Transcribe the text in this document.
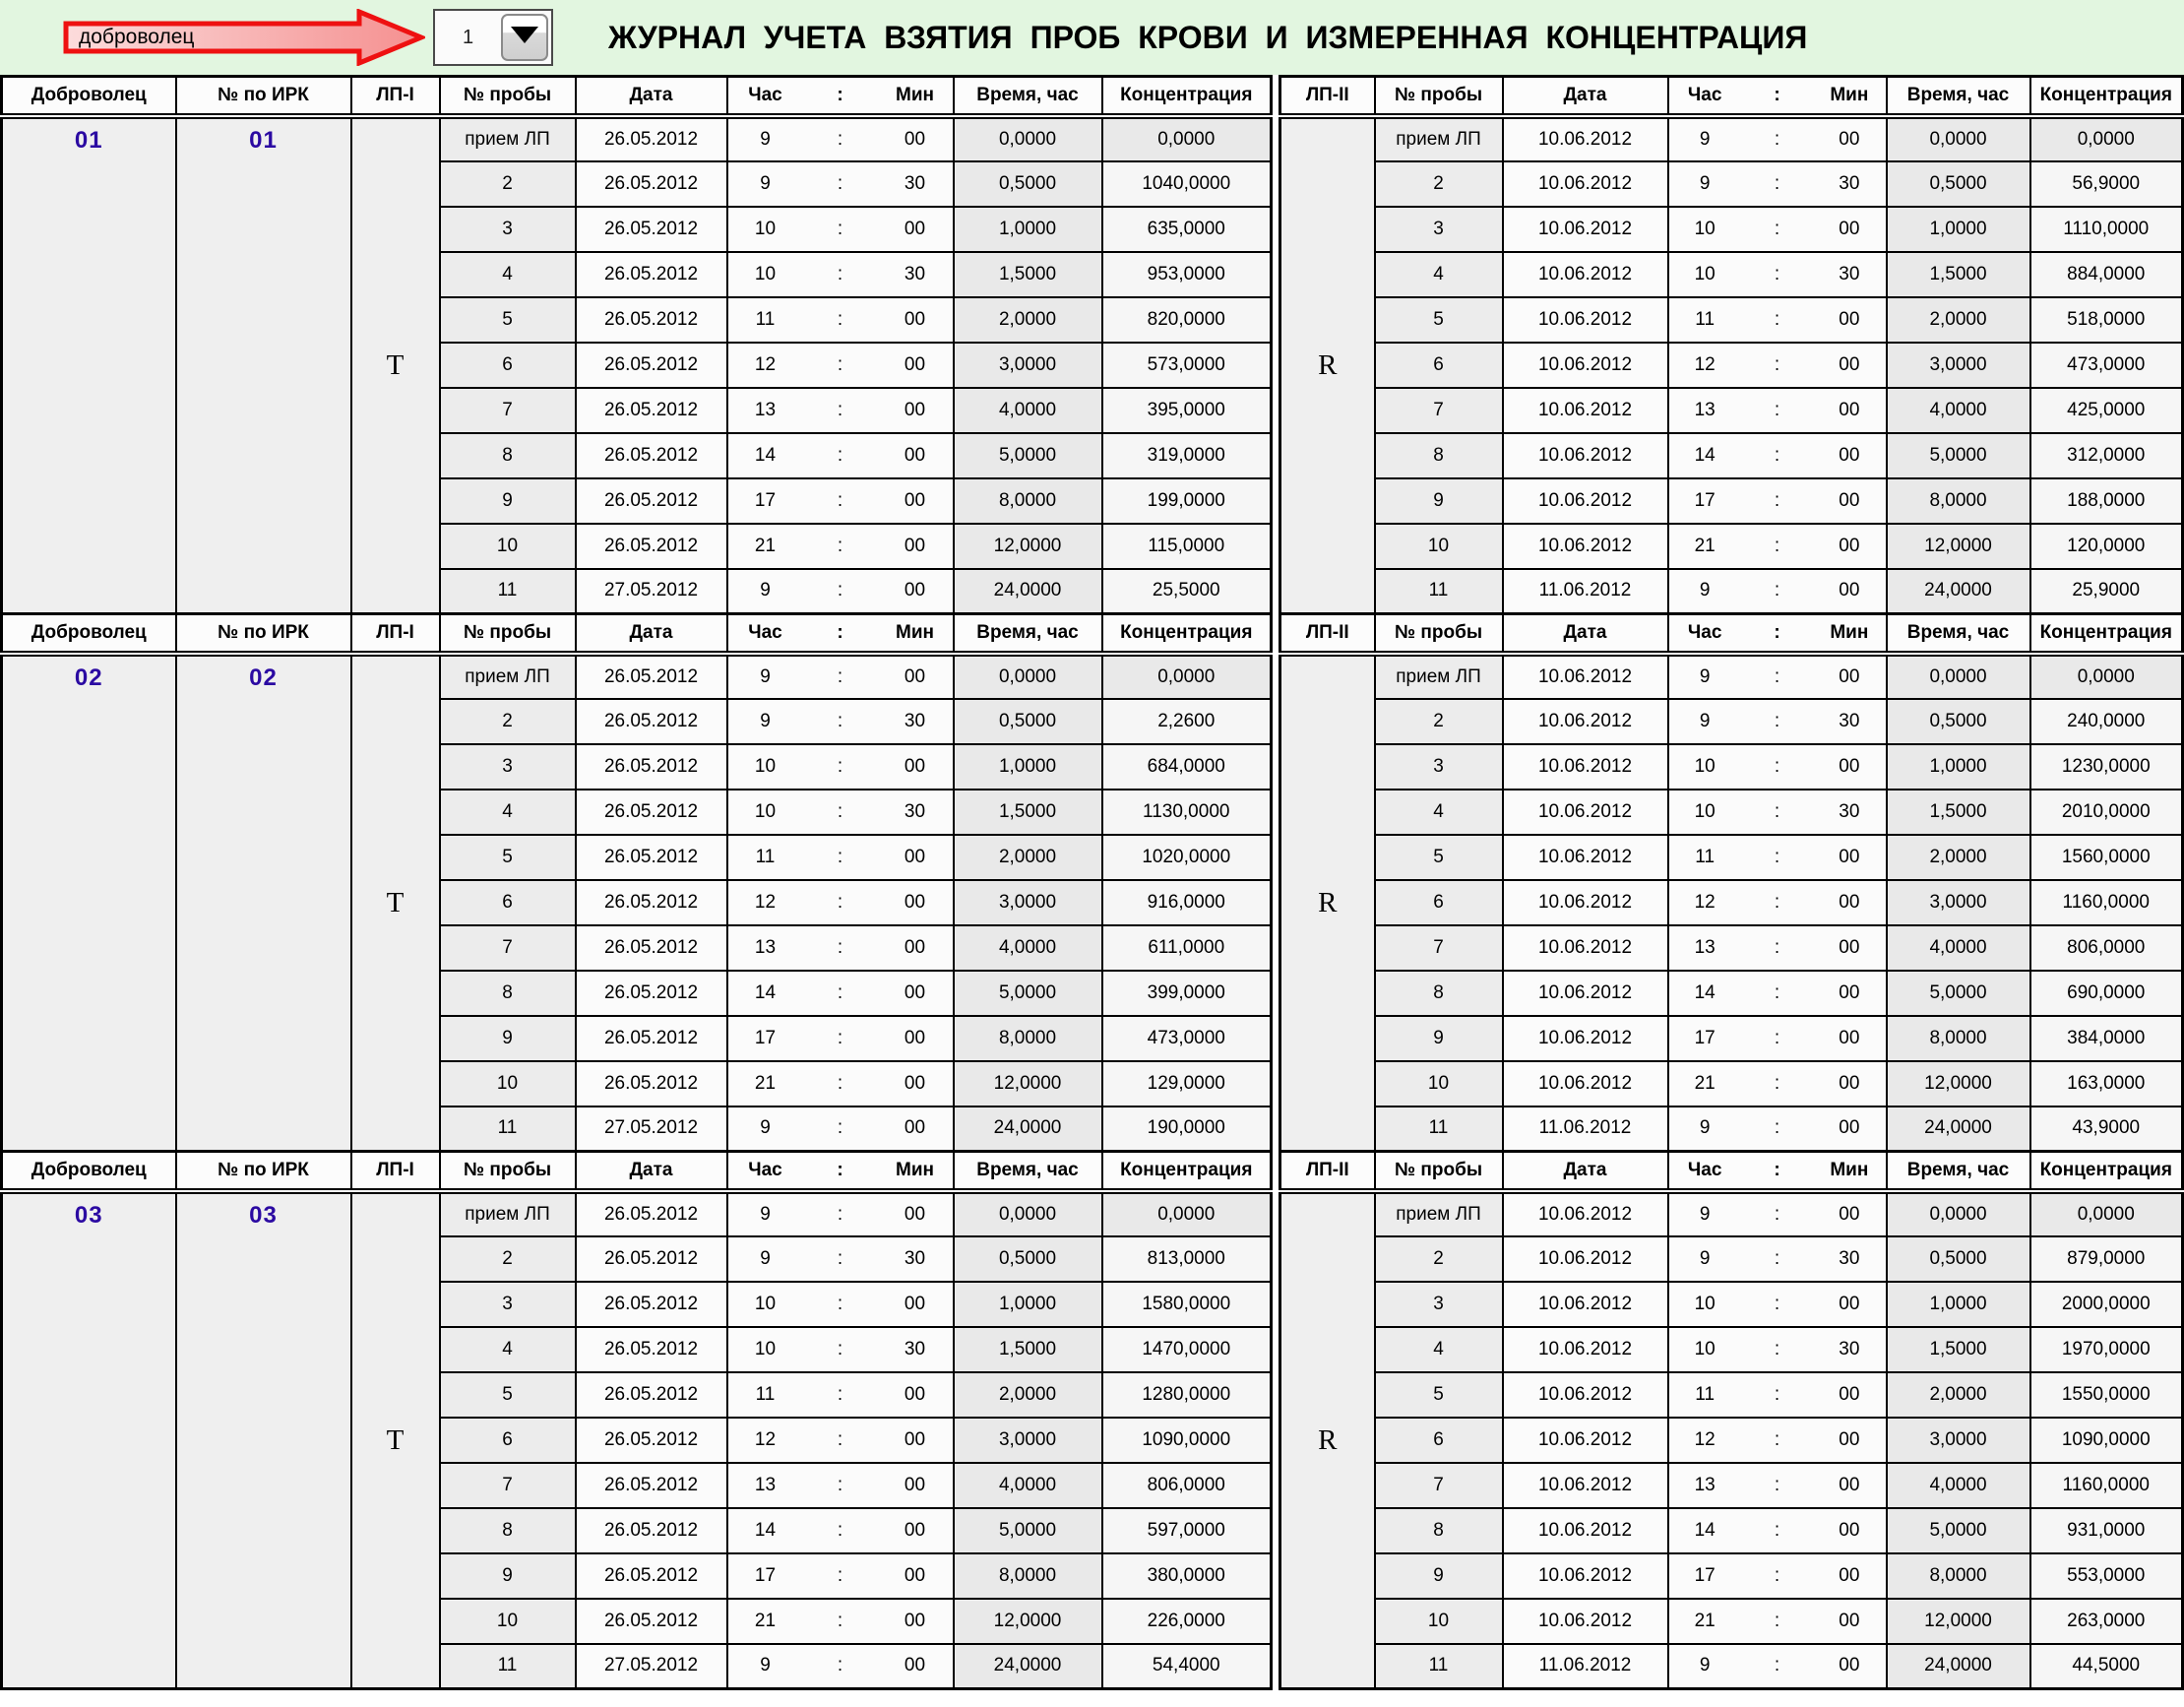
доброволец	1	ЖУРНАЛ УЧЕТА ВЗЯТИЯ ПРОБ КРОВИ И ИЗМЕРЕННАЯ КОНЦЕНТРАЦИЯ
Доброволец	№ по ИРК	ЛП-I	№ пробы	Дата	Час : Мин	Время, час	Концентрация
01	01	T	прием ЛП	26.05.2012	9 : 00	0,0000	0,0000
			2	26.05.2012	9 : 30	0,5000	1040,0000
			3	26.05.2012	10 : 00	1,0000	635,0000
			4	26.05.2012	10 : 30	1,5000	953,0000
			5	26.05.2012	11 : 00	2,0000	820,0000
			6	26.05.2012	12 : 00	3,0000	573,0000
			7	26.05.2012	13 : 00	4,0000	395,0000
			8	26.05.2012	14 : 00	5,0000	319,0000
			9	26.05.2012	17 : 00	8,0000	199,0000
			10	26.05.2012	21 : 00	12,0000	115,0000
			11	27.05.2012	9 : 00	24,0000	25,5000
Доброволец	№ по ИРК	ЛП-I	№ пробы	Дата	Час : Мин	Время, час	Концентрация
02	02	T	прием ЛП	26.05.2012	9 : 00	0,0000	0,0000
			2	26.05.2012	9 : 30	0,5000	2,2600
			3	26.05.2012	10 : 00	1,0000	684,0000
			4	26.05.2012	10 : 30	1,5000	1130,0000
			5	26.05.2012	11 : 00	2,0000	1020,0000
			6	26.05.2012	12 : 00	3,0000	916,0000
			7	26.05.2012	13 : 00	4,0000	611,0000
			8	26.05.2012	14 : 00	5,0000	399,0000
			9	26.05.2012	17 : 00	8,0000	473,0000
			10	26.05.2012	21 : 00	12,0000	129,0000
			11	27.05.2012	9 : 00	24,0000	190,0000
Доброволец	№ по ИРК	ЛП-I	№ пробы	Дата	Час : Мин	Время, час	Концентрация
03	03	T	прием ЛП	26.05.2012	9 : 00	0,0000	0,0000
			2	26.05.2012	9 : 30	0,5000	813,0000
			3	26.05.2012	10 : 00	1,0000	1580,0000
			4	26.05.2012	10 : 30	1,5000	1470,0000
			5	26.05.2012	11 : 00	2,0000	1280,0000
			6	26.05.2012	12 : 00	3,0000	1090,0000
			7	26.05.2012	13 : 00	4,0000	806,0000
			8	26.05.2012	14 : 00	5,0000	597,0000
			9	26.05.2012	17 : 00	8,0000	380,0000
			10	26.05.2012	21 : 00	12,0000	226,0000
			11	27.05.2012	9 : 00	24,0000	54,4000
ЛП-II	№ пробы	Дата	Час : Мин	Время, час	Концентрация
R	прием ЛП	10.06.2012	9 : 00	0,0000	0,0000
	2	10.06.2012	9 : 30	0,5000	56,9000
	3	10.06.2012	10 : 00	1,0000	1110,0000
	4	10.06.2012	10 : 30	1,5000	884,0000
	5	10.06.2012	11 : 00	2,0000	518,0000
	6	10.06.2012	12 : 00	3,0000	473,0000
	7	10.06.2012	13 : 00	4,0000	425,0000
	8	10.06.2012	14 : 00	5,0000	312,0000
	9	10.06.2012	17 : 00	8,0000	188,0000
	10	10.06.2012	21 : 00	12,0000	120,0000
	11	11.06.2012	9 : 00	24,0000	25,9000
ЛП-II	№ пробы	Дата	Час : Мин	Время, час	Концентрация
R	прием ЛП	10.06.2012	9 : 00	0,0000	0,0000
	2	10.06.2012	9 : 30	0,5000	240,0000
	3	10.06.2012	10 : 00	1,0000	1230,0000
	4	10.06.2012	10 : 30	1,5000	2010,0000
	5	10.06.2012	11 : 00	2,0000	1560,0000
	6	10.06.2012	12 : 00	3,0000	1160,0000
	7	10.06.2012	13 : 00	4,0000	806,0000
	8	10.06.2012	14 : 00	5,0000	690,0000
	9	10.06.2012	17 : 00	8,0000	384,0000
	10	10.06.2012	21 : 00	12,0000	163,0000
	11	11.06.2012	9 : 00	24,0000	43,9000
ЛП-II	№ пробы	Дата	Час : Мин	Время, час	Концентрация
R	прием ЛП	10.06.2012	9 : 00	0,0000	0,0000
	2	10.06.2012	9 : 30	0,5000	879,0000
	3	10.06.2012	10 : 00	1,0000	2000,0000
	4	10.06.2012	10 : 30	1,5000	1970,0000
	5	10.06.2012	11 : 00	2,0000	1550,0000
	6	10.06.2012	12 : 00	3,0000	1090,0000
	7	10.06.2012	13 : 00	4,0000	1160,0000
	8	10.06.2012	14 : 00	5,0000	931,0000
	9	10.06.2012	17 : 00	8,0000	553,0000
	10	10.06.2012	21 : 00	12,0000	263,0000
	11	11.06.2012	9 : 00	24,0000	44,5000
